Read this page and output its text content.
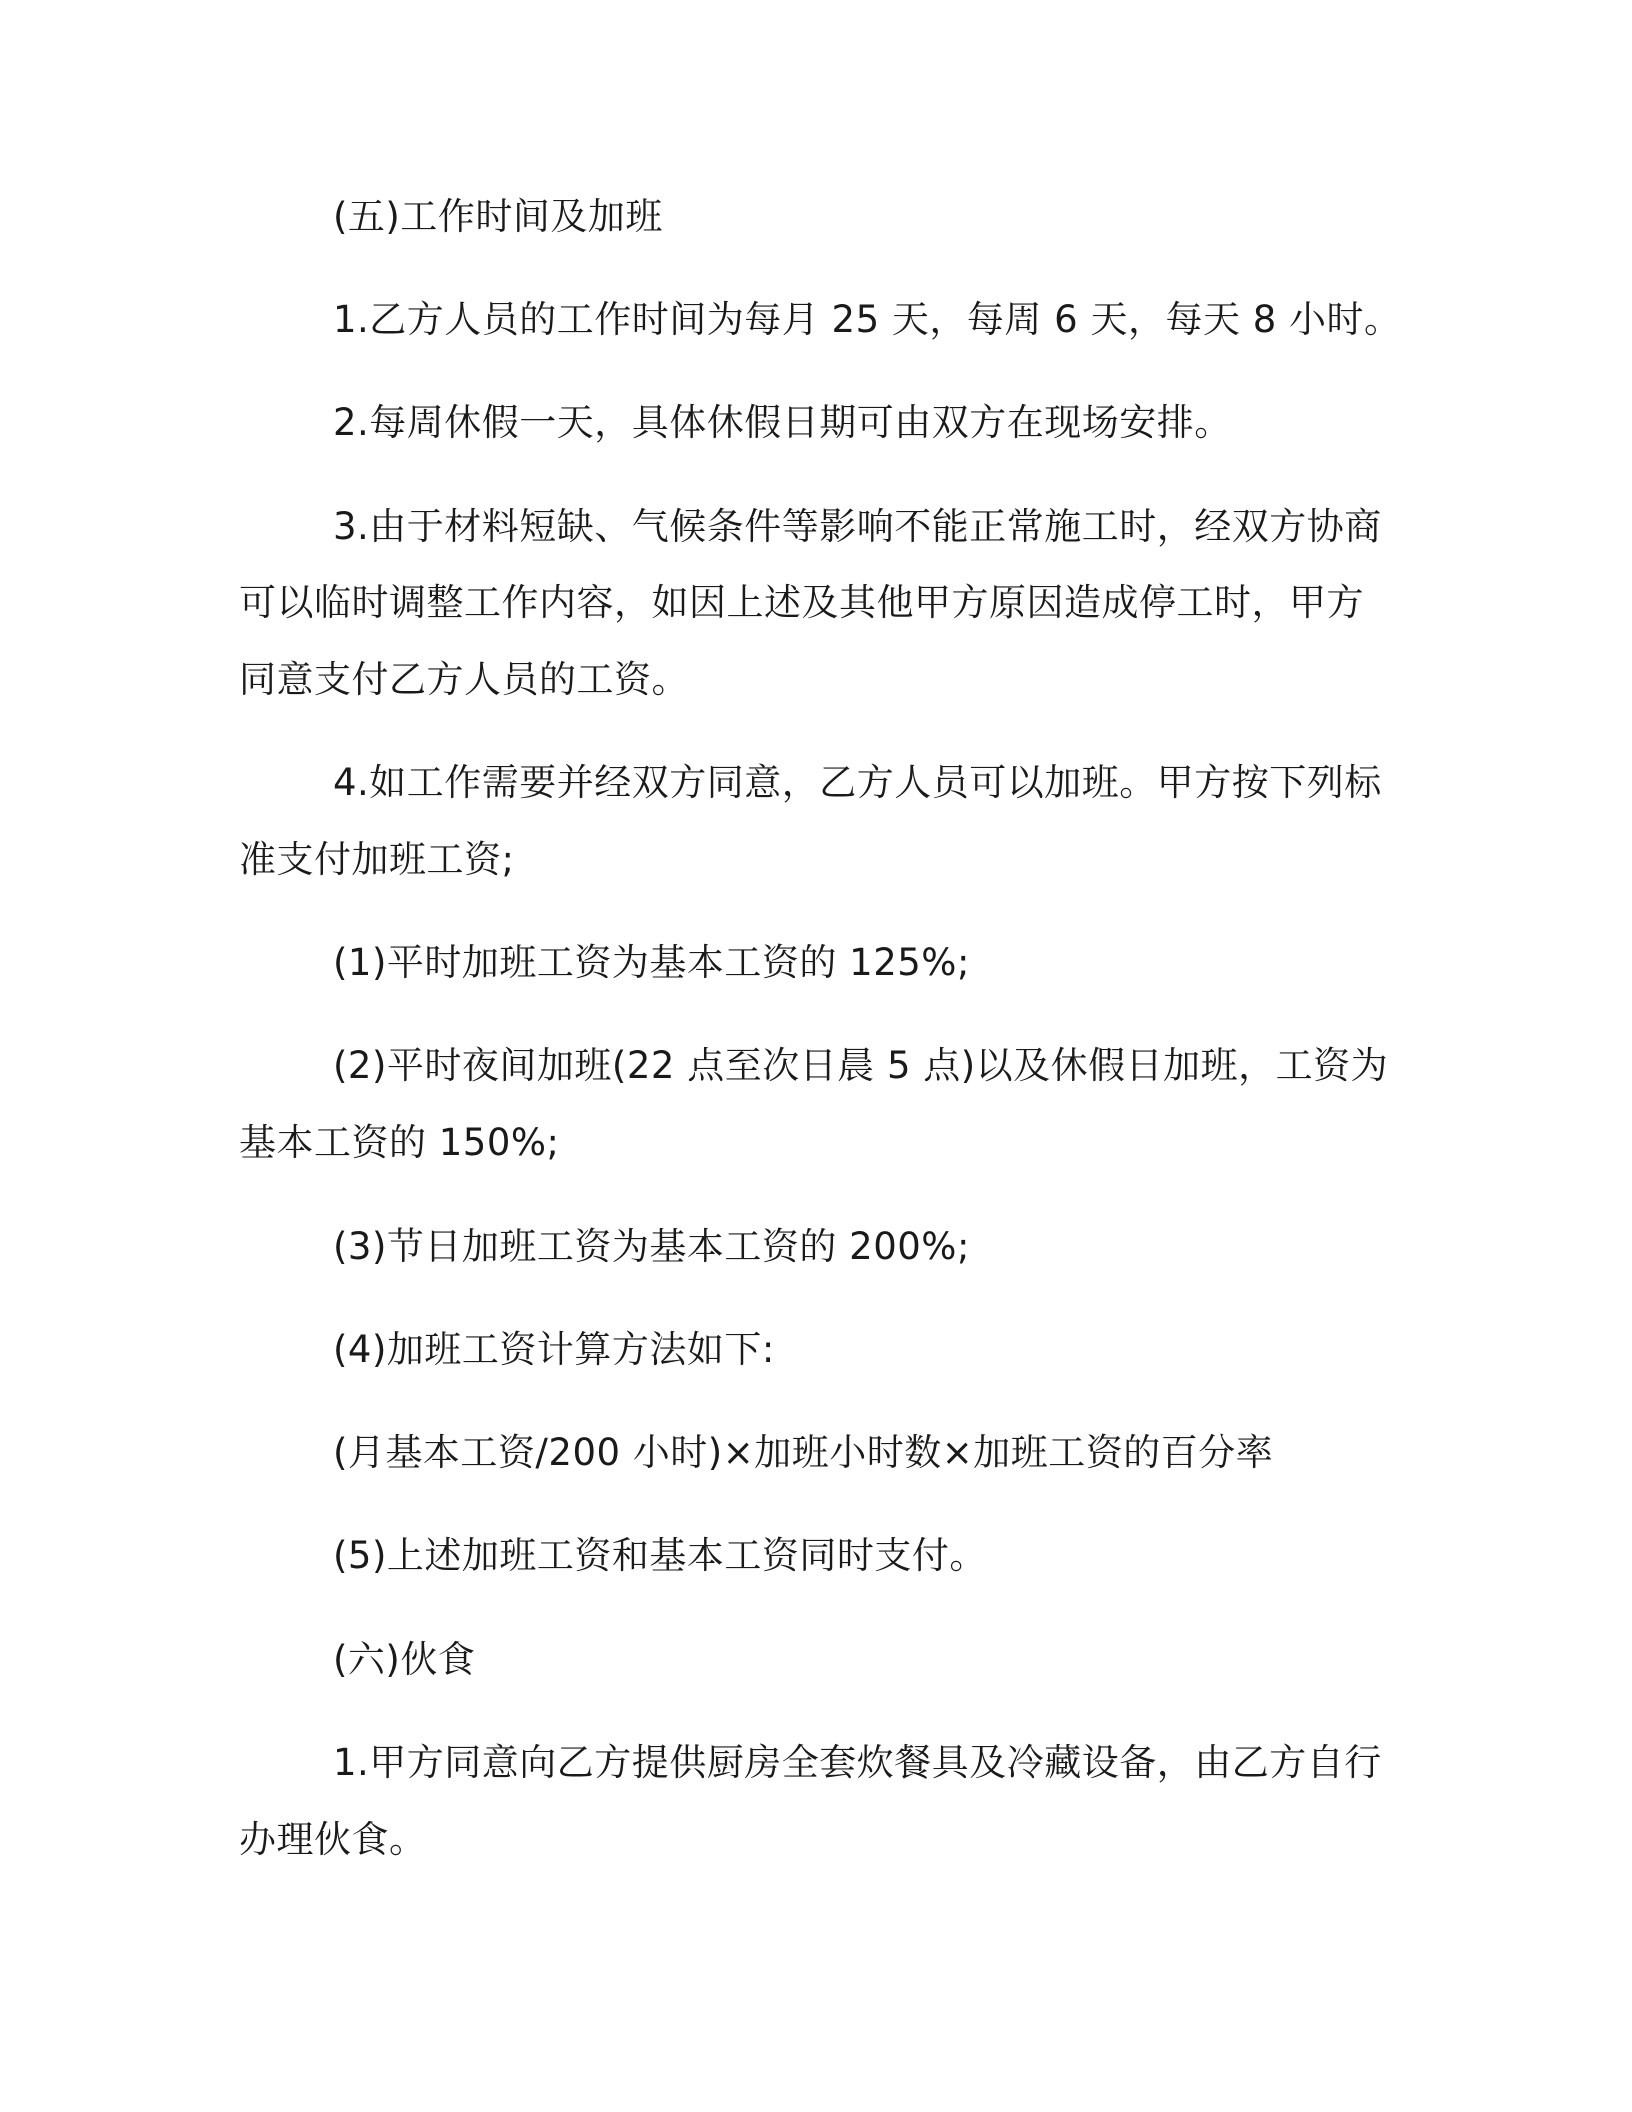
(五)工作时间及加班
1.乙方人员的工作时间为每月 25 天，每周 6 天，每天 8 小时。
2.每周休假一天，具体休假日期可由双方在现场安排。
3.由于材料短缺、气候条件等影响不能正常施工时，经双方协商
可以临时调整工作内容，如因上述及其他甲方原因造成停工时，甲方
同意支付乙方人员的工资。
4.如工作需要并经双方同意，乙方人员可以加班。甲方按下列标
准支付加班工资;
(1)平时加班工资为基本工资的 125%;
(2)平时夜间加班(22 点至次日晨 5 点)以及休假日加班，工资为
基本工资的 150%;
(3)节日加班工资为基本工资的 200%;
(4)加班工资计算方法如下:
(月基本工资/200 小时)×加班小时数×加班工资的百分率
(5)上述加班工资和基本工资同时支付。
(六)伙食
1.甲方同意向乙方提供厨房全套炊餐具及冷藏设备，由乙方自行
办理伙食。
